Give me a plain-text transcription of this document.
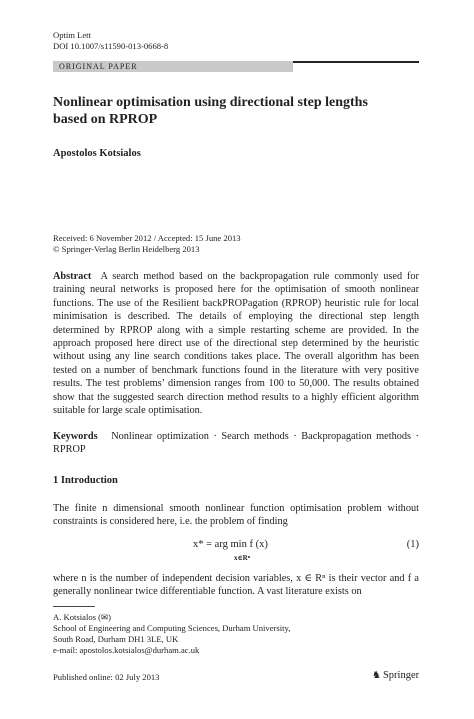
Optim Lett
DOI 10.1007/s11590-013-0668-8
ORIGINAL PAPER
Nonlinear optimisation using directional step lengths based on RPROP
Apostolos Kotsialos
Received: 6 November 2012 / Accepted: 15 June 2013
© Springer-Verlag Berlin Heidelberg 2013
Abstract A search method based on the backpropagation rule commonly used for training neural networks is proposed here for the optimisation of smooth nonlinear functions. The use of the Resilient backPROPagation (RPROP) heuristic rule for local minimisation is described. The details of employing the directional step length determined by RPROP along with a simple restarting scheme are provided. In the approach proposed here direct use of the directional step determined by the heuristic without using any line search conditions takes place. The overall algorithm has been tested on a number of benchmark functions found in the literature with very positive results. The test problems’ dimension ranges from 100 to 50,000. The results obtained show that the suggested search direction method results to a highly efficient algorithm suitable for large scale optimisation.
Keywords Nonlinear optimization · Search methods · Backpropagation methods · RPROP
1 Introduction
The finite n dimensional smooth nonlinear function optimisation problem without constraints is considered here, i.e. the problem of finding
x* = arg min f (x)
x∈Rⁿ
(1)
where n is the number of independent decision variables, x ∈ Rⁿ is their vector and f a generally nonlinear twice differentiable function. A vast literature exists on
A. Kotsialos (✉)
School of Engineering and Computing Sciences, Durham University,
South Road, Durham DH1 3LE, UK
e-mail: apostolos.kotsialos@durham.ac.uk
Published online: 02 July 2013	♞ Springer
